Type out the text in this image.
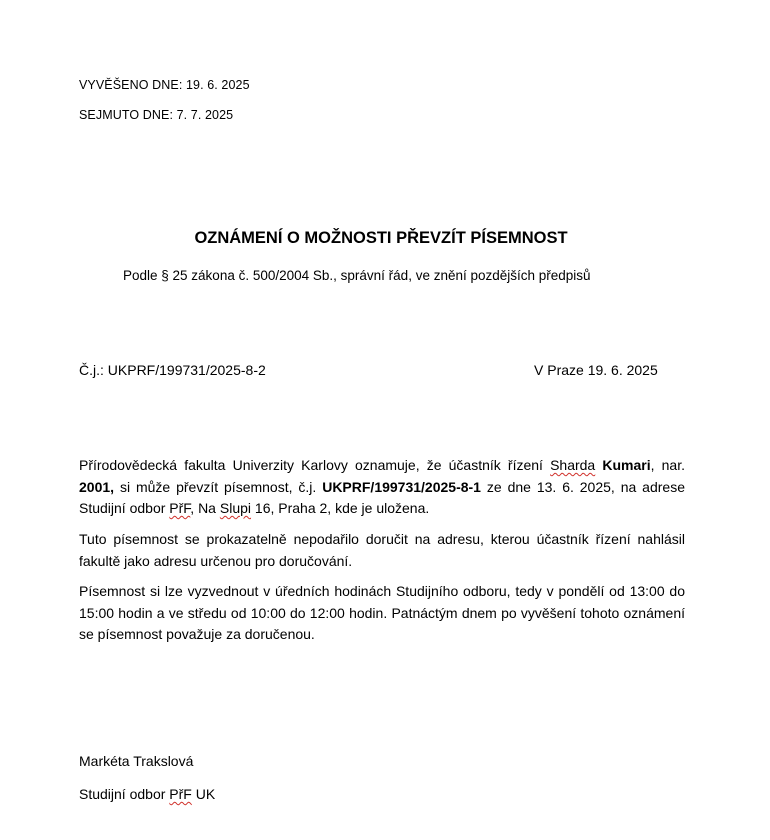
VYVĚŠENO DNE: 19. 6. 2025
SEJMUTO DNE: 7. 7. 2025
OZNÁMENÍ O MOŽNOSTI PŘEVZÍT PÍSEMNOST
Podle § 25 zákona č. 500/2004 Sb., správní řád, ve znění pozdějších předpisů
Č.j.: UKPRF/199731/2025-8-2	V Praze 19. 6. 2025

Přírodovědecká fakulta Univerzity Karlovy oznamuje, že účastník řízení Sharda Kumari, nar. 2001, si může převzít písemnost, č.j. UKPRF/199731/2025-8-1 ze dne 13. 6. 2025, na adrese Studijní odbor PřF, Na Slupi 16, Praha 2, kde je uložena.

Tuto písemnost se prokazatelně nepodařilo doručit na adresu, kterou účastník řízení nahlásil fakultě jako adresu určenou pro doručování.

Písemnost si lze vyzvednout v úředních hodinách Studijního odboru, tedy v pondělí od 13:00 do 15:00 hodin a ve středu od 10:00 do 12:00 hodin. Patnáctým dnem po vyvěšení tohoto oznámení se písemnost považuje za doručenou.

Markéta Trakslová
Studijní odbor PřF UK
